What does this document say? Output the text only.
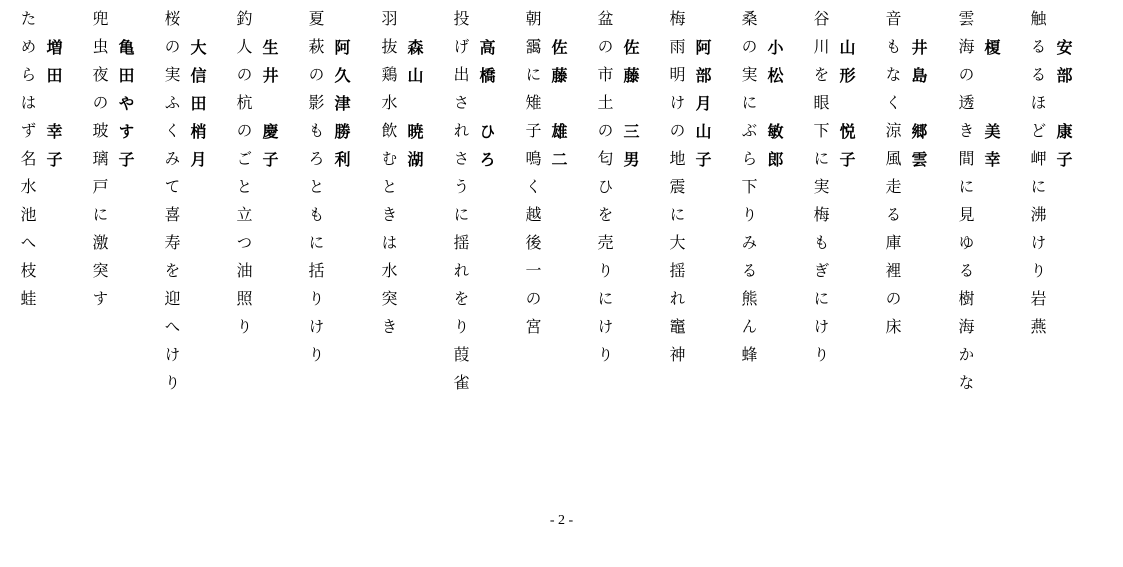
触るるほど岬に沸けり岩燕 安部　康子
雲海の透き間に見ゆる樹海かな 榎　　美幸
音もなく涼風走る庫裡の床 井島　郷雲
谷川を眼下に実梅もぎにけり 山形　悦子
桑の実にぶら下りみる熊ん蜂 小松　敏郎
梅雨明けの地震に大揺れ竈神 阿部月山子
盆の市土の匂ひを売りにけり 佐藤　三男
朝靄に雉子鳴く越後一の宮 佐藤　雄二
投げ出されさうに揺れをり葭雀 高橋　ひろ
羽抜鶏水飲むときは水突き 森山　暁湖
夏萩の影もろともに括りけり 阿久津勝利
釣人の杭のごと立つ油照り 生井　慶子
桜の実ふくみて喜寿を迎へけり 大信田梢月
兜虫夜の玻璃戸に激突す 亀田やす子
ためらはず名水池へ枝蛙 増田　幸子
- 2 -
